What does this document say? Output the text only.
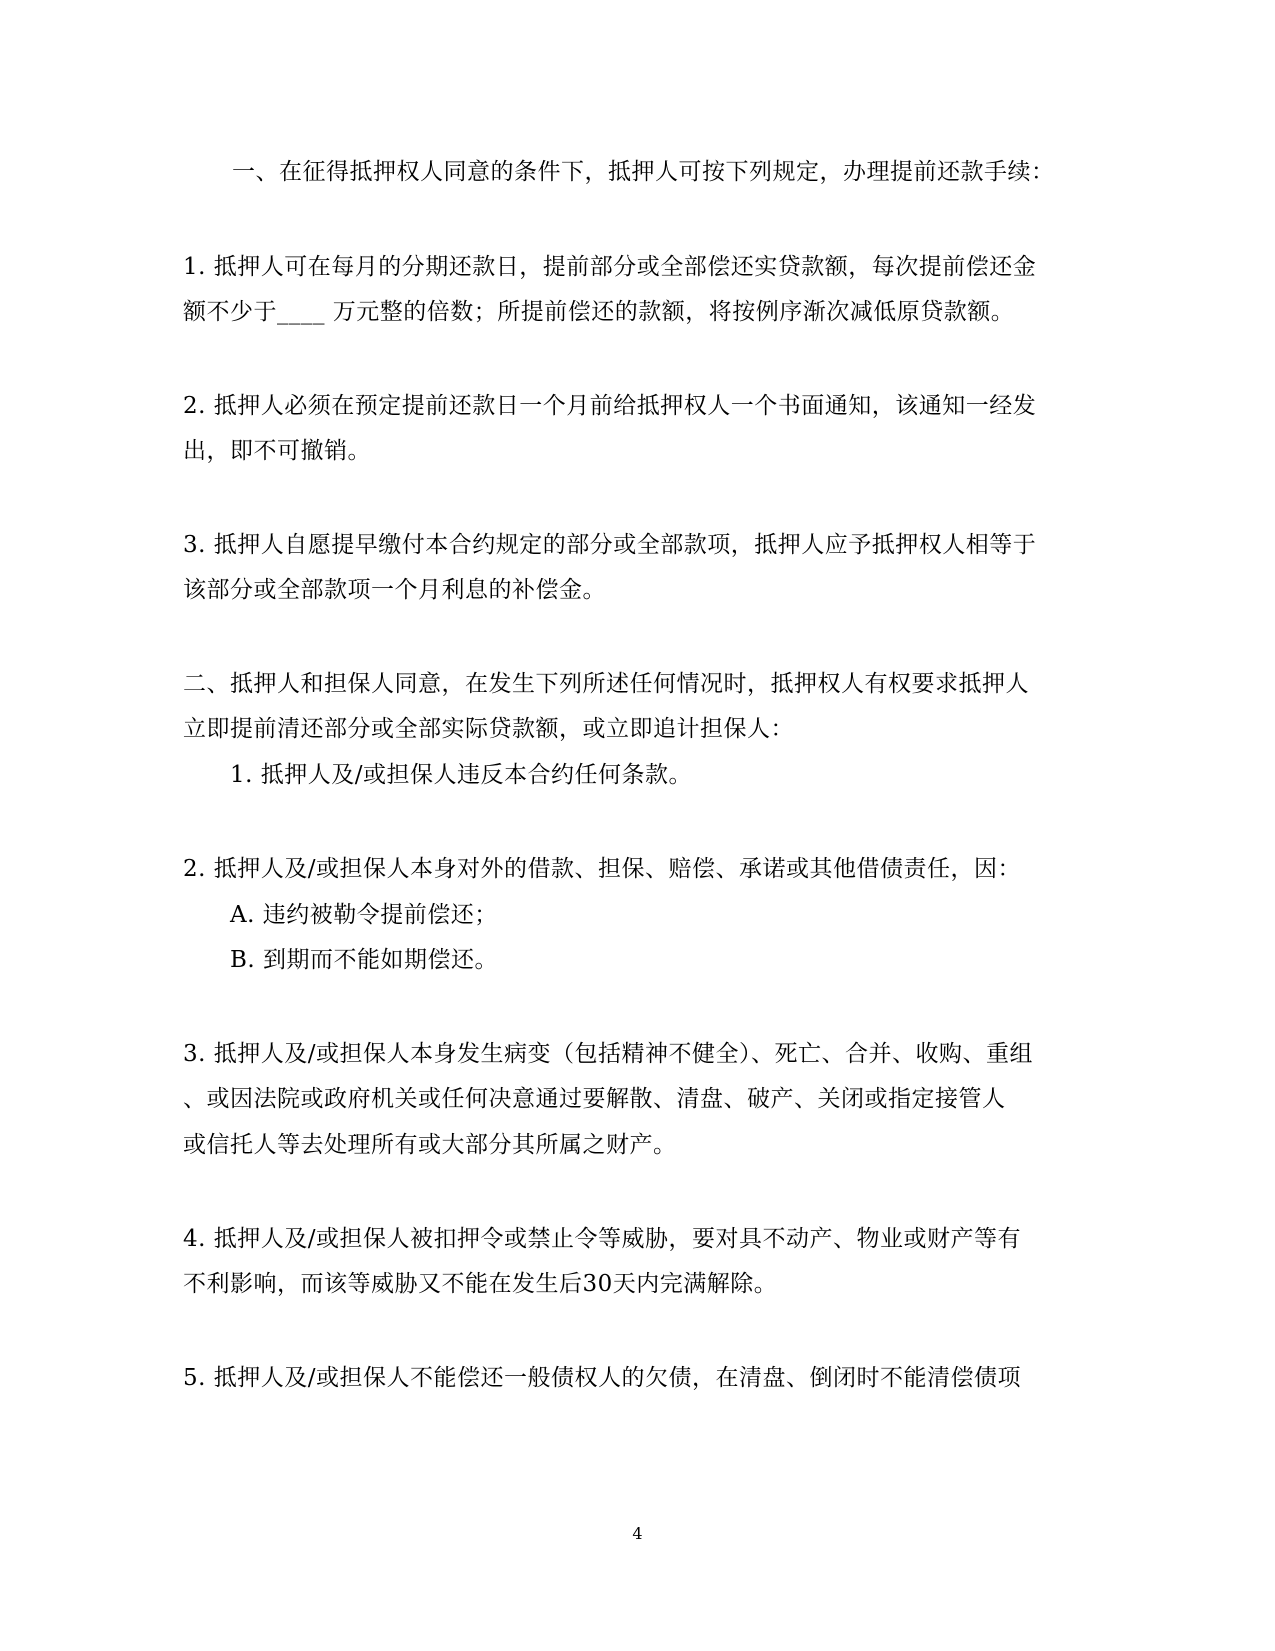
一、在征得抵押权人同意的条件下，抵押人可按下列规定，办理提前还款手续：
1. 抵押人可在每月的分期还款日，提前部分或全部偿还实贷款额，每次提前偿还金
额不少于____ 万元整的倍数；所提前偿还的款额，将按例序渐次减低原贷款额。
2. 抵押人必须在预定提前还款日一个月前给抵押权人一个书面通知，该通知一经发
出，即不可撤销。
3. 抵押人自愿提早缴付本合约规定的部分或全部款项，抵押人应予抵押权人相等于
该部分或全部款项一个月利息的补偿金。
二、抵押人和担保人同意，在发生下列所述任何情况时，抵押权人有权要求抵押人
立即提前清还部分或全部实际贷款额，或立即追计担保人：
1. 抵押人及/或担保人违反本合约任何条款。
2. 抵押人及/或担保人本身对外的借款、担保、赔偿、承诺或其他借债责任，因：
A. 违约被勒令提前偿还；
B. 到期而不能如期偿还。
3. 抵押人及/或担保人本身发生病变（包括精神不健全）、死亡、合并、收购、重组
、或因法院或政府机关或任何决意通过要解散、清盘、破产、关闭或指定接管人
或信托人等去处理所有或大部分其所属之财产。
4. 抵押人及/或担保人被扣押令或禁止令等威胁，要对具不动产、物业或财产等有
不利影响，而该等威胁又不能在发生后30天内完满解除。
5. 抵押人及/或担保人不能偿还一般债权人的欠债，在清盘、倒闭时不能清偿债项
4
